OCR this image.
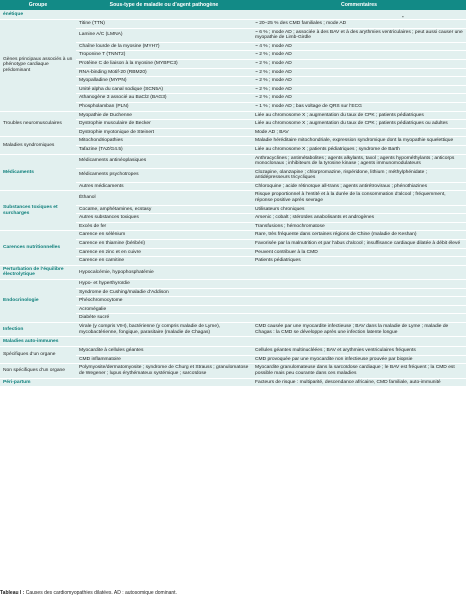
Groupe	Sous-type de maladie ou d’agent pathogène	Commentaires
-

énétique		
Gènes principaux associés à un phénotype cardiaque prédominant	Titine (TTN)	~ 20–25 % des CMD familiales ; mode AD
	Lamine A/C (LMNA)	~ 6 % ; mode AD ; associée à des BAV et à des arythmies ventriculaires ; peut aussi causer une myopathie de Limb-Girdle
	Chaîne lourde de la myosine (MYH7)	~ 4 % ; mode AD
	Troponine T (TNNT2)	~ 2 % ; mode AD
	Protéine C de liaison à la myosine (MYBPC3)	~ 2 % ; mode AD
	RNA-binding Motif-20 (RBM20)	~ 2 % ; mode AD
	Myopalladine (MYPN)	~ 2 % ; mode AD
	Unité alpha du canal sodique (SCN5A)	~ 2 % ; mode AD
	Athanogène 3 associé au BaCl2 (BAG3)	~ 2 % ; mode AD
	Phospholamban (PLN)	~ 1 % ; mode AD ; bas voltage de QRS sur l’ECG
Troubles neuromusculaires	Myopathie de Duchenne	Liée au chromosome X ; augmentation du taux de CPK ; patients pédiatriques
	Dystrophie musculaire de Becker	Liée au chromosome X ; augmentation du taux de CPK ; patients pédiatriques ou adultes
	Dystrophie myotonique de Steinert	Mode AD ; BAV
Maladies syndromiques	Mitochondriopathies	Maladie héréditaire mitochondriale, expression syndromique dont la myopathie squelettique
	Tafazine (TAZ/G4.5)	Liée au chromosome X ; patients pédiatriques ; syndrome de Barth
Médicaments	Médicaments antinéoplasiques	Anthracyclines ; antimétabolites ; agents alkylants, taxol ; agents hypométhylants ; anticorps monoclonaux ; inhibiteurs de la tyrosine kinase ; agents immunomodulateurs
	Médicaments psychotropes	Clozapine, olanzapine ; chlorpromazine, rispéridone, lithium ; méthylphénidate ; antidépresseurs tricycliques
	Autres médicaments	Chloroquine ; acide rétinoïque all-trans ; agents antirétroviraux ; phénothiazines
Substances toxiques et surcharges	Éthanol	Risque proportionnel à l’entité et à la durée de la consommation d’alcool ; fréquemment, réponse positive après sevrage
	Cocaïne, amphétamines, ecstasy	Utilisateurs chroniques
	Autres substances toxiques	Arsenic ; cobalt ; stéroïdes anabolisants et androgènes
	Excès de fer	Transfusions ; hémochromatose
Carences nutritionnelles	Carence en sélénium	Rare, très fréquente dans certaines régions de Chine (maladie de Keshan)
	Carence en thiamine (béribéri)	Favorisée par la malnutrition et par l’abus d’alcool ; insuffisance cardiaque dilatée à débit élevé
	Carence en zinc et en cuivre	Peuvent contribuer à la CMD
	Carence en carnitine	Patients pédiatriques
Perturbation de l’équilibre électrolytique	Hypocalcémie, hypophosphatémie	
Endocrinologie	Hypo- et hyperthyroïdie	
	Syndrome de Cushing/maladie d’Addison	
	Phéochromocytome	
	Acromégalie	
	Diabète sucré	
Infection	Virale (y compris VIH), bactérienne (y compris maladie de Lyme), mycobactérienne, fongique, parasitaire (maladie de Chagas)	CMD causée par une myocardite infectieuse ; BAV dans la maladie de Lyme ; maladie de Chagas : la CMD se développe après une infection latente longue
Maladies auto-immunes		
Spécifiques d’un organe	Myocardite à cellules géantes	Cellules géantes multinucléées ; BAV et arythmies ventriculaires fréquents
	CMD inflammatoire	CMD provoquée par une myocardite non infectieuse prouvée par biopsie
Non spécifiques d’un organe	Polymyosite/dermatomyosite ; syndrome de Churg et Strauss ; granulomatose de Wegener ; lupus érythémateux systémique ; sarcoïdose	Myocardite granulomateuse dans la sarcoïdose cardiaque ; le BAV est fréquent ; la CMD est possible mais peu courante dans ces maladies
Péri-partum		Facteurs de risque : multiparité, descendance africaine, CMD familiale, auto-immunité
Tableau I : Causes des cardiomyopathies dilatées. AD : autosomique dominant.
